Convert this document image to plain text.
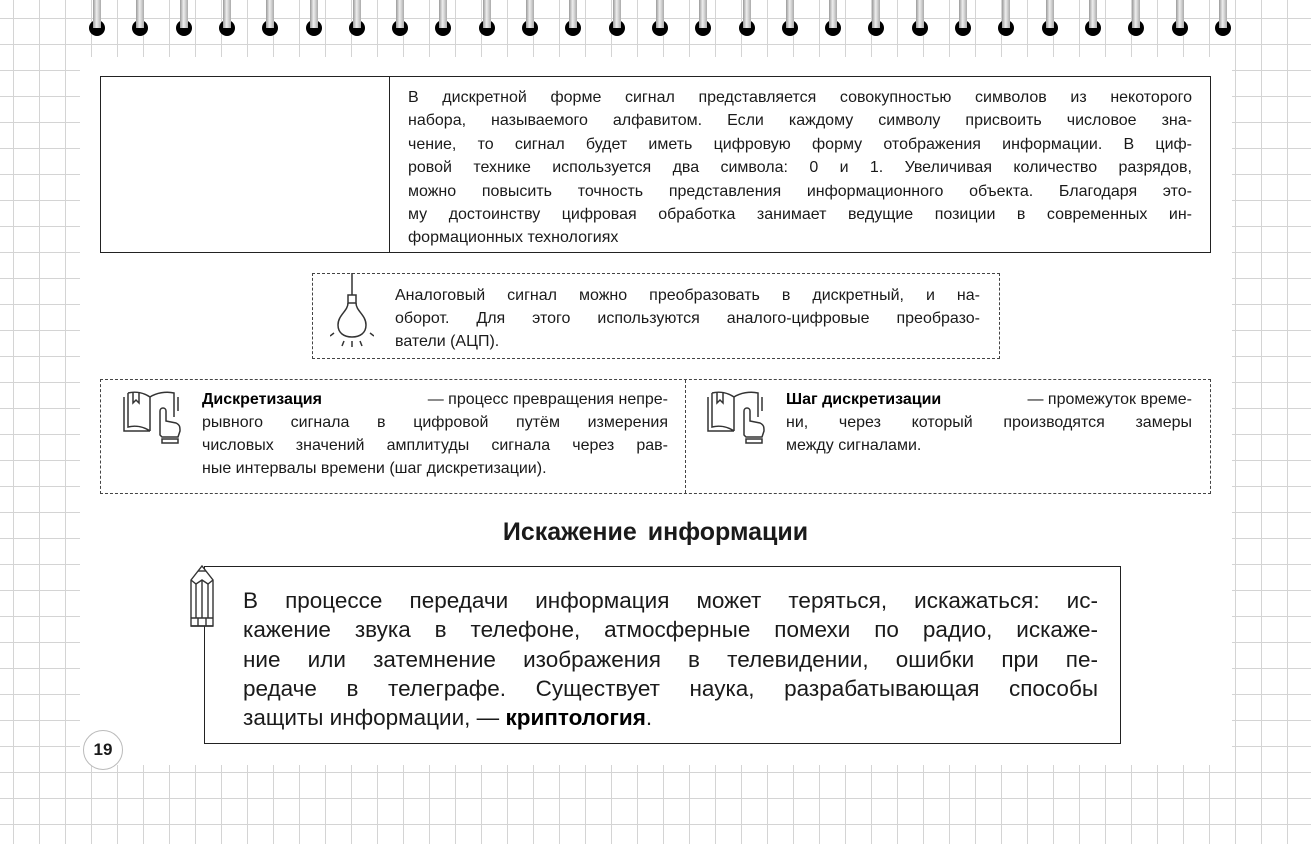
В дискретной форме сигнал представляется совокупностью символов из некоторого
набора, называемого алфавитом. Если каждому символу присвоить числовое зна-
чение, то сигнал будет иметь цифровую форму отображения информации. В циф-
ровой технике используется два символа: 0 и 1. Увеличивая количество разрядов,
можно повысить точность представления информационного объекта. Благодаря это-
му достоинству цифровая обработка занимает ведущие позиции в современных ин-
формационных технологиях
Аналоговый сигнал можно преобразовать в дискретный, и на-
оборот. Для этого используются аналого-цифровые преобразо-
ватели (АЦП).
Дискретизация	— процесс превращения непре-
рывного сигнала в цифровой путём измерения
числовых значений амплитуды сигнала через рав-
ные интервалы времени (шаг дискретизации).
Шаг дискретизации	— промежуток време-
ни, через который производятся замеры
между сигналами.
Искажение информации
В процессе передачи информация может теряться, искажаться: ис-
кажение звука в телефоне, атмосферные помехи по радио, искаже-
ние или затемнение изображения в телевидении, ошибки при пе-
редаче в телеграфе. Существует наука, разрабатывающая способы
защиты информации, — криптология.
19
